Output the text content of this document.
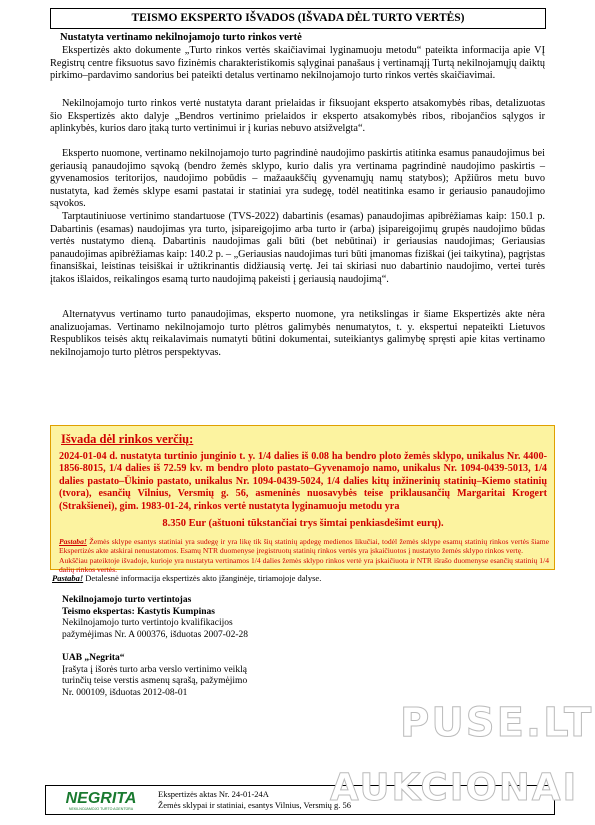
TEISMO EKSPERTO IŠVADOS (IŠVADA DĖL TURTO VERTĖS)
Nustatyta vertinamo nekilnojamojo turto rinkos vertė
Ekspertizės akto dokumente „Turto rinkos vertės skaičiavimai lyginamuoju metodu“ pateikta informacija apie VĮ Registrų centre fiksuotus savo fizinėmis charakteristikomis sąlyginai panašaus į vertinamąjį Turtą nekilnojamųjų daiktų pirkimo–pardavimo sandorius bei pateikti detalus vertinamo nekilnojamojo turto rinkos vertės skaičiavimai.
Nekilnojamojo turto rinkos vertė nustatyta darant prielaidas ir fiksuojant eksperto atsakomybės ribas, detalizuotas šio Ekspertizės akto dalyje „Bendros vertinimo prielaidos ir eksperto atsakomybės ribos, ribojančios sąlygos ir aplinkybės, kurios daro įtaką turto vertinimui ir į kurias nebuvo atsižvelgta“.
Eksperto nuomone, vertinamo nekilnojamojo turto pagrindinė naudojimo paskirtis atitinka esamus panaudojimus bei geriausią panaudojimo sąvoką (bendro žemės sklypo, kurio dalis yra vertinama pagrindinė naudojimo paskirtis – gyvenamosios teritorijos, naudojimo pobūdis – mažaaukščių gyvenamųjų namų statybos); Apžiūros metu buvo nustatyta, kad žemės sklype esami pastatai ir statiniai yra sudegę, todėl neatitinka esamo ir geriausio panaudojimo sąvokos.
Tarptautiniuose vertinimo standartuose (TVS-2022) dabartinis (esamas) panaudojimas apibrėžiamas kaip: 150.1 p. Dabartinis (esamas) naudojimas yra turto, įsipareigojimo arba turto ir (arba) įsipareigojimų grupės naudojimo būdas vertės nustatymo dieną. Dabartinis naudojimas gali būti (bet nebūtinai) ir geriausias naudojimas; Geriausias panaudojimas apibrėžiamas kaip: 140.2 p. – „Geriausias naudojimas turi būti įmanomas fiziškai (jei taikytina), pagrįstas finansiškai, leistinas teisiškai ir užtikrinantis didžiausią vertę. Jei tai skiriasi nuo dabartinio naudojimo, vertei turės įtakos išlaidos, reikalingos esamą turto naudojimą pakeisti į geriausią naudojimą“.
Alternatyvus vertinamo turto panaudojimas, eksperto nuomone, yra netikslingas ir šiame Ekspertizės akte nėra analizuojamas. Vertinamo nekilnojamojo turto plėtros galimybės nenumatytos, t. y. ekspertui nepateikti Lietuvos Respublikos teisės aktų reikalavimais numatyti būtini dokumentai, suteikiantys galimybę spręsti apie kitas vertinamo nekilnojamojo turto plėtros perspektyvas.
Išvada dėl rinkos verčių:
2024-01-04 d. nustatyta turtinio junginio t. y. 1/4 dalies iš 0.08 ha bendro ploto žemės sklypo, unikalus Nr. 4400-1856-8015, 1/4 dalies iš 72.59 kv. m bendro ploto pastato–Gyvenamojo namo, unikalus Nr. 1094-0439-5013, 1/4 dalies pastato–Ūkinio pastato, unikalus Nr. 1094-0439-5024, 1/4 dalies kitų inžinerinių statinių–Kiemo statinių (tvora), esančių Vilnius, Versmių g. 56, asmeninės nuosavybės teise priklausančių Margaritai Krogert (Strakšienei), gim. 1983-01-24, rinkos vertė nustatyta lyginamuoju metodu yra
8.350 Eur (aštuoni tūkstančiai trys šimtai penkiasdešimt eurų).
Pastaba! Žemės sklype esantys statiniai yra sudegę ir yra likę tik šių statinių apdegę medienos likučiai, todėl žemės sklype esamų statinių rinkos vertės šiame Ekspertizės akte atskirai nenustatomos. Esamų NTR duomenyse įregistruotų statinių rinkos vertės yra įskaičiuotos į nustatyto žemės sklypo rinkos vertę.
Aukščiau pateiktoje išvadoje, kurioje yra nustatyta vertinamos 1/4 dalies žemės sklypo rinkos vertė yra įskaičiuota ir NTR išrašo duomenyse esančių statinių 1/4 dalių rinkos vertės.
Pastaba! Detalesnė informacija ekspertizės akto įžanginėje, tiriamojoje dalyse.
Nekilnojamojo turto vertintojas
Teismo ekspertas: Kastytis Kumpinas
Nekilnojamojo turto vertintojo kvalifikacijos
pažymėjimas Nr. A 000376, išduotas 2007-02-28
UAB „Negrita“
Įrašyta į išorės turto arba verslo vertinimo veiklą
turinčių teise verstis asmenų sąrašą, pažymėjimo
Nr. 000109, išduotas 2012-08-01
NEGRITA
NEKILNOJAMOJO TURTO AGENTŪRA
Ekspertizės aktas Nr. 24-01-24A
Žemės sklypai ir statiniai, esantys Vilnius, Versmių g. 56
PUSE.LT
AUKCIONAI
